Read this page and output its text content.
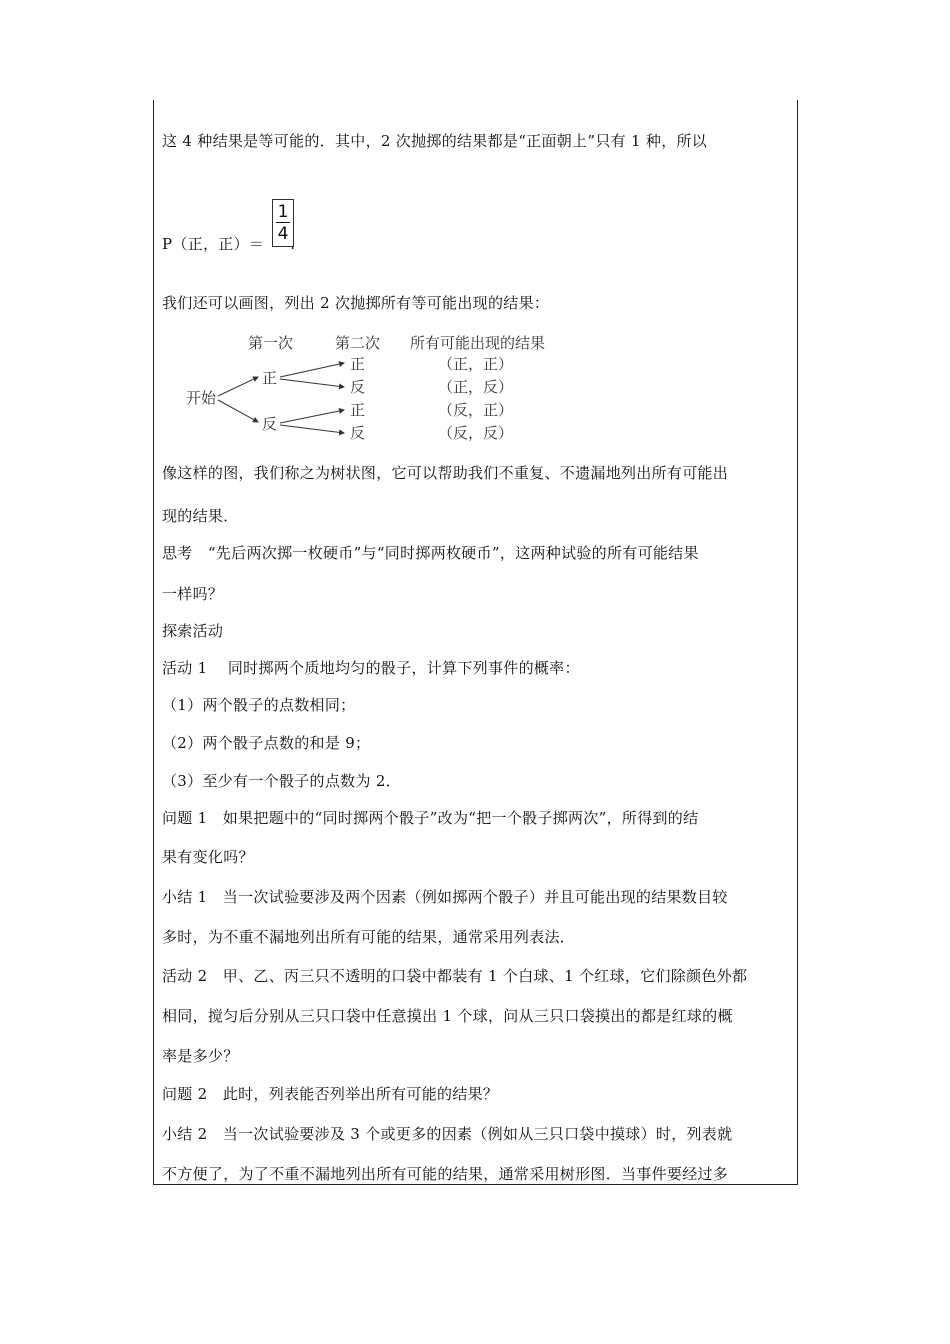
这 4 种结果是等可能的．其中，2 次抛掷的结果都是“正面朝上”只有 1 种，所以
P（正，正）＝ .
1
4
我们还可以画图，列出 2 次抛掷所有等可能出现的结果：
第一次	第二次 所有可能出现的结果
开始
正
反
正
反
正
反
（正，正）
（正，反）
（反，正）
（反，反）
像这样的图，我们称之为树状图，它可以帮助我们不重复、不遗漏地列出所有可能出
现的结果．
思考　“先后两次掷一枚硬币”与“同时掷两枚硬币”，这两种试验的所有可能结果
一样吗？
探索活动
活动 1　 同时掷两个质地均匀的骰子，计算下列事件的概率：
（1）两个骰子的点数相同；
（2）两个骰子点数的和是 9；
（3）至少有一个骰子的点数为 2．
问题 1　如果把题中的“同时掷两个骰子”改为“把一个骰子掷两次”，所得到的结
果有变化吗？
小结 1　当一次试验要涉及两个因素（例如掷两个骰子）并且可能出现的结果数目较
多时，为不重不漏地列出所有可能的结果，通常采用列表法．
活动 2　甲、乙、丙三只不透明的口袋中都装有 1 个白球、1 个红球，它们除颜色外都
相同，搅匀后分别从三只口袋中任意摸出 1 个球，问从三只口袋摸出的都是红球的概
率是多少？
问题 2　此时，列表能否列举出所有可能的结果？
小结 2　当一次试验要涉及 3 个或更多的因素（例如从三只口袋中摸球）时，列表就
不方便了，为了不重不漏地列出所有可能的结果，通常采用树形图．当事件要经过多
